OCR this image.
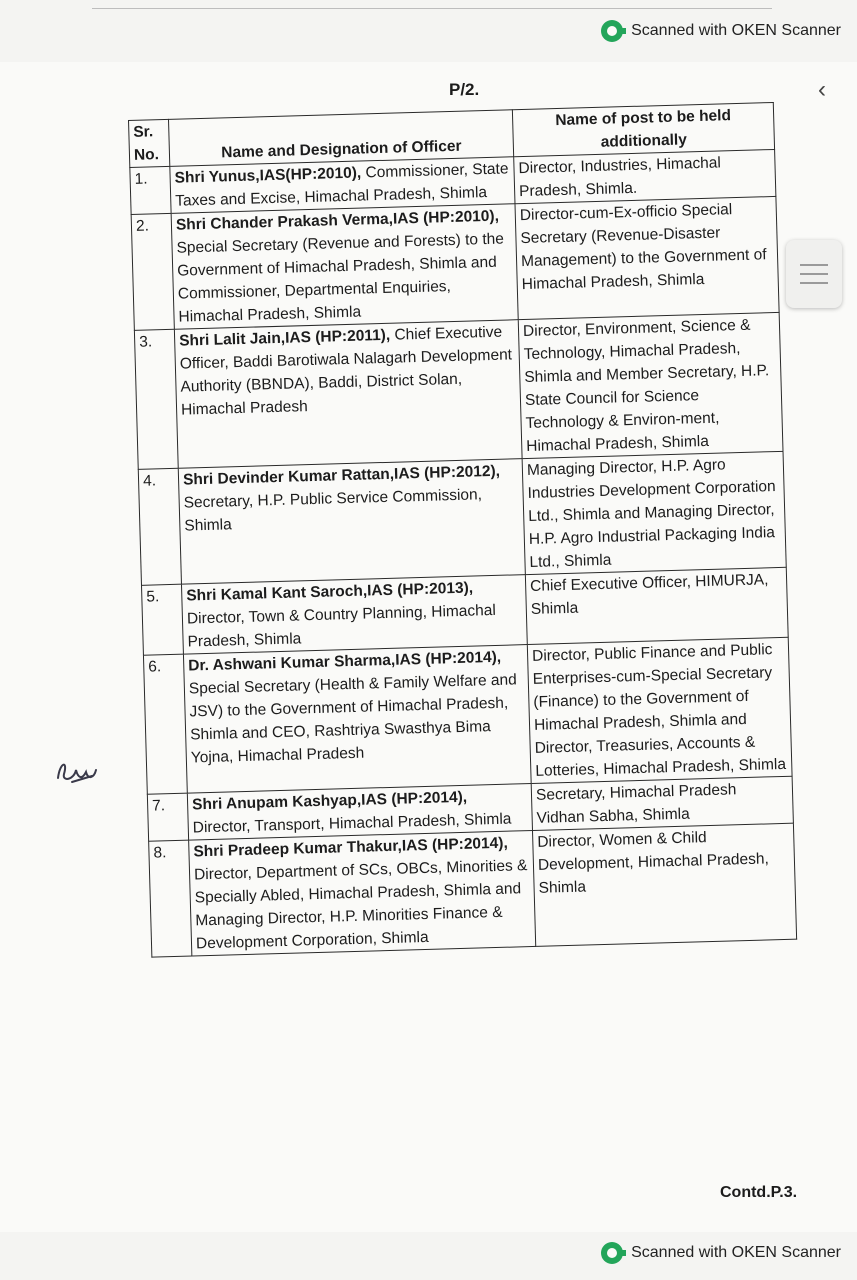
Scanned with OKEN Scanner
P/2.	‹
Sr. No.	Name and Designation of Officer	Name of post to be held additionally
1.	Shri Yunus,IAS(HP:2010), Commissioner, State Taxes and Excise, Himachal Pradesh, Shimla	Director, Industries, Himachal Pradesh, Shimla.
2.	Shri Chander Prakash Verma,IAS (HP:2010), Special Secretary (Revenue and Forests) to the Government of Himachal Pradesh, Shimla and Commissioner, Departmental Enquiries, Himachal Pradesh, Shimla	Director-cum-Ex-officio Special Secretary (Revenue-Disaster Management) to the Government of Himachal Pradesh, Shimla
3.	Shri Lalit Jain,IAS (HP:2011), Chief Executive Officer, Baddi Barotiwala Nalagarh Development Authority (BBNDA), Baddi, District Solan, Himachal Pradesh	Director, Environment, Science & Technology, Himachal Pradesh, Shimla and Member Secretary, H.P. State Council for Science Technology & Environ-ment, Himachal Pradesh, Shimla
4.	Shri Devinder Kumar Rattan,IAS (HP:2012), Secretary, H.P. Public Service Commission, Shimla	Managing Director, H.P. Agro Industries Development Corporation Ltd., Shimla and Managing Director, H.P. Agro Industrial Packaging India Ltd., Shimla
5.	Shri Kamal Kant Saroch,IAS (HP:2013), Director, Town & Country Planning, Himachal Pradesh, Shimla	Chief Executive Officer, HIMURJA, Shimla
6.	Dr. Ashwani Kumar Sharma,IAS (HP:2014), Special Secretary (Health & Family Welfare and JSV) to the Government of Himachal Pradesh, Shimla and CEO, Rashtriya Swasthya Bima Yojna, Himachal Pradesh	Director, Public Finance and Public Enterprises-cum-Special Secretary (Finance) to the Government of Himachal Pradesh, Shimla and Director, Treasuries, Accounts & Lotteries, Himachal Pradesh, Shimla
7.	Shri Anupam Kashyap,IAS (HP:2014), Director, Transport, Himachal Pradesh, Shimla	Secretary, Himachal Pradesh Vidhan Sabha, Shimla
8.	Shri Pradeep Kumar Thakur,IAS (HP:2014), Director, Department of SCs, OBCs, Minorities & Specially Abled, Himachal Pradesh, Shimla and Managing Director, H.P. Minorities Finance & Development Corporation, Shimla	Director, Women & Child Development, Himachal Pradesh, Shimla
Contd.P.3.
Scanned with OKEN Scanner
